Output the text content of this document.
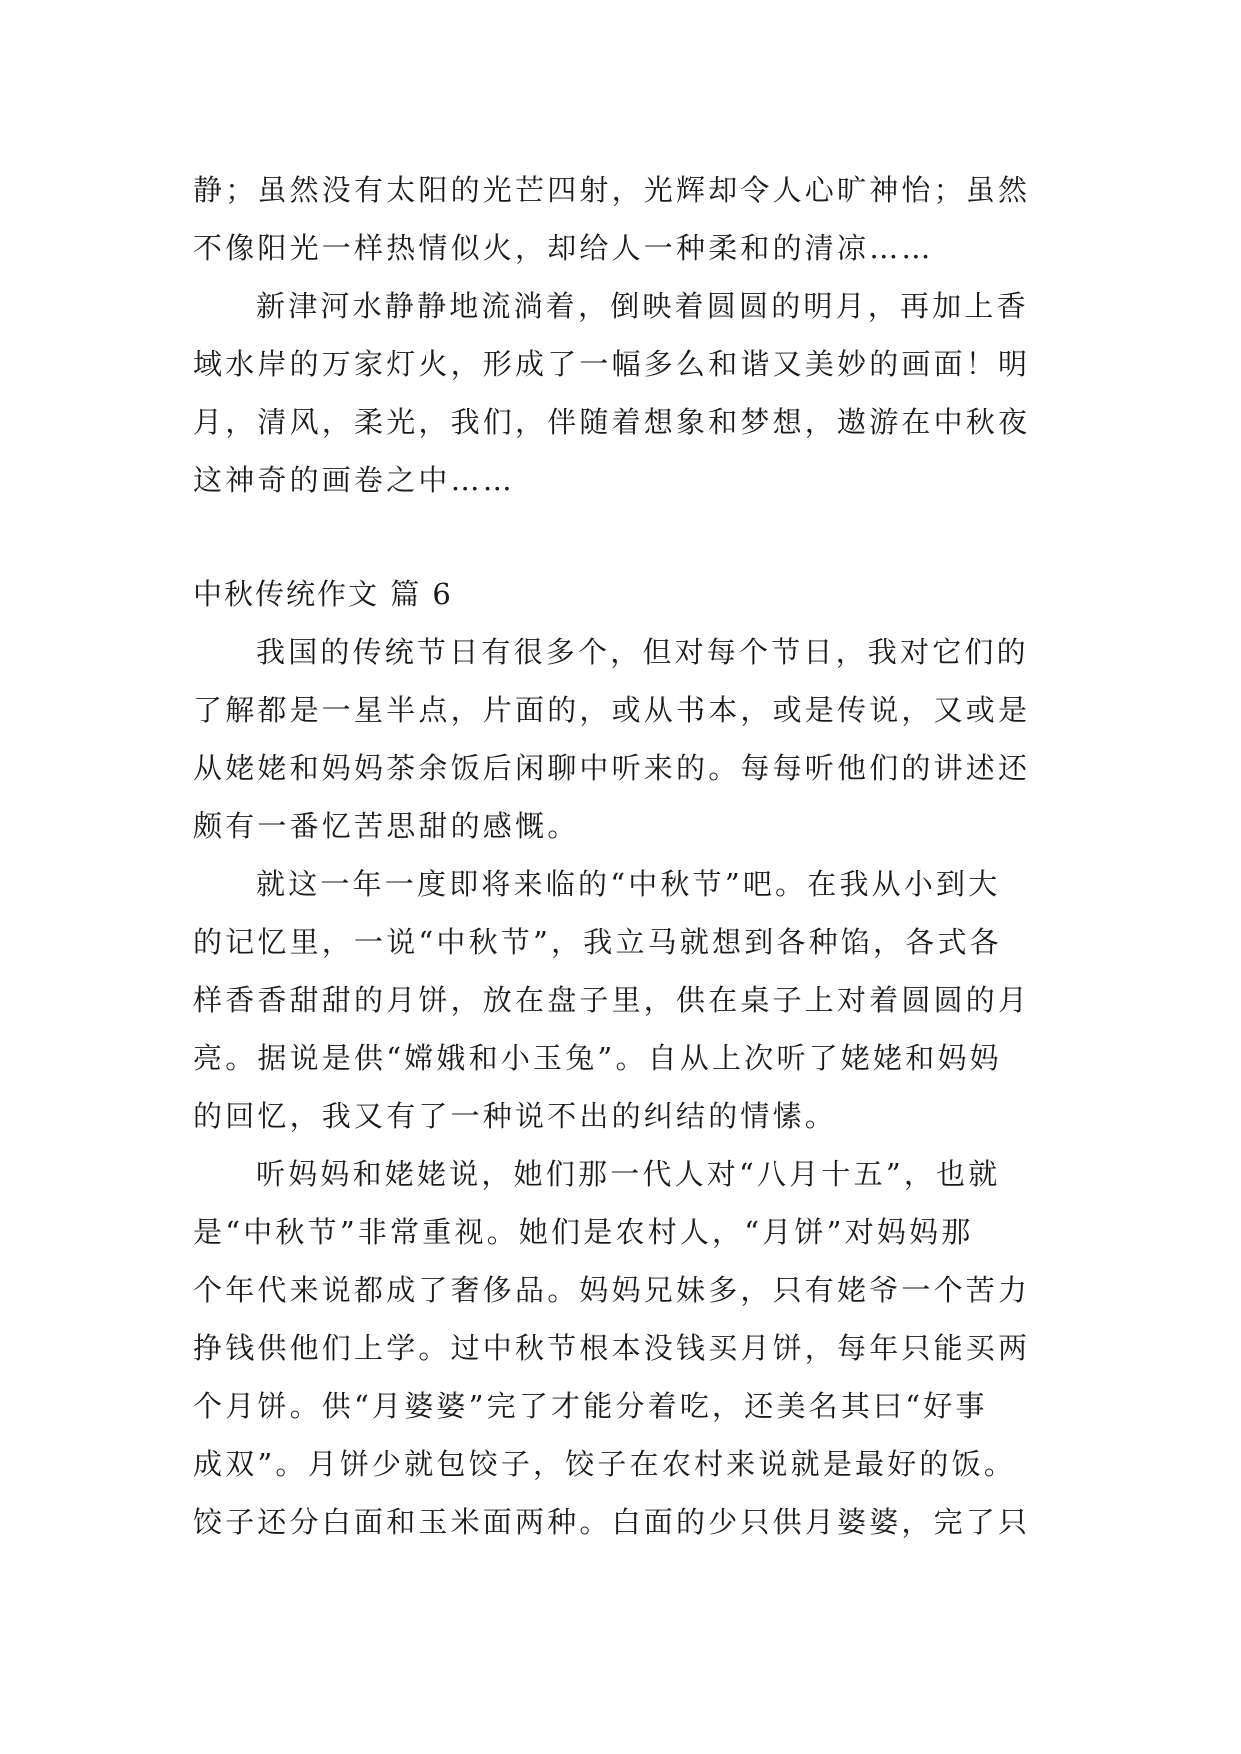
静；虽然没有太阳的光芒四射，光辉却令人心旷神怡；虽然
不像阳光一样热情似火，却给人一种柔和的清凉……
新津河水静静地流淌着，倒映着圆圆的明月，再加上香
域水岸的万家灯火，形成了一幅多么和谐又美妙的画面！明
月，清风，柔光，我们，伴随着想象和梦想，遨游在中秋夜
这神奇的画卷之中……
中秋传统作文 篇 6
我国的传统节日有很多个，但对每个节日，我对它们的
了解都是一星半点，片面的，或从书本，或是传说，又或是
从姥姥和妈妈茶余饭后闲聊中听来的。每每听他们的讲述还
颇有一番忆苦思甜的感慨。
就这一年一度即将来临的“中秋节”吧。在我从小到大
的记忆里，一说“中秋节”，我立马就想到各种馅，各式各
样香香甜甜的月饼，放在盘子里，供在桌子上对着圆圆的月
亮。据说是供“嫦娥和小玉兔”。自从上次听了姥姥和妈妈
的回忆，我又有了一种说不出的纠结的情愫。
听妈妈和姥姥说，她们那一代人对“八月十五”，也就
是“中秋节”非常重视。她们是农村人，“月饼”对妈妈那
个年代来说都成了奢侈品。妈妈兄妹多，只有姥爷一个苦力
挣钱供他们上学。过中秋节根本没钱买月饼，每年只能买两
个月饼。供“月婆婆”完了才能分着吃，还美名其曰“好事
成双”。月饼少就包饺子，饺子在农村来说就是最好的饭。
饺子还分白面和玉米面两种。白面的少只供月婆婆，完了只
